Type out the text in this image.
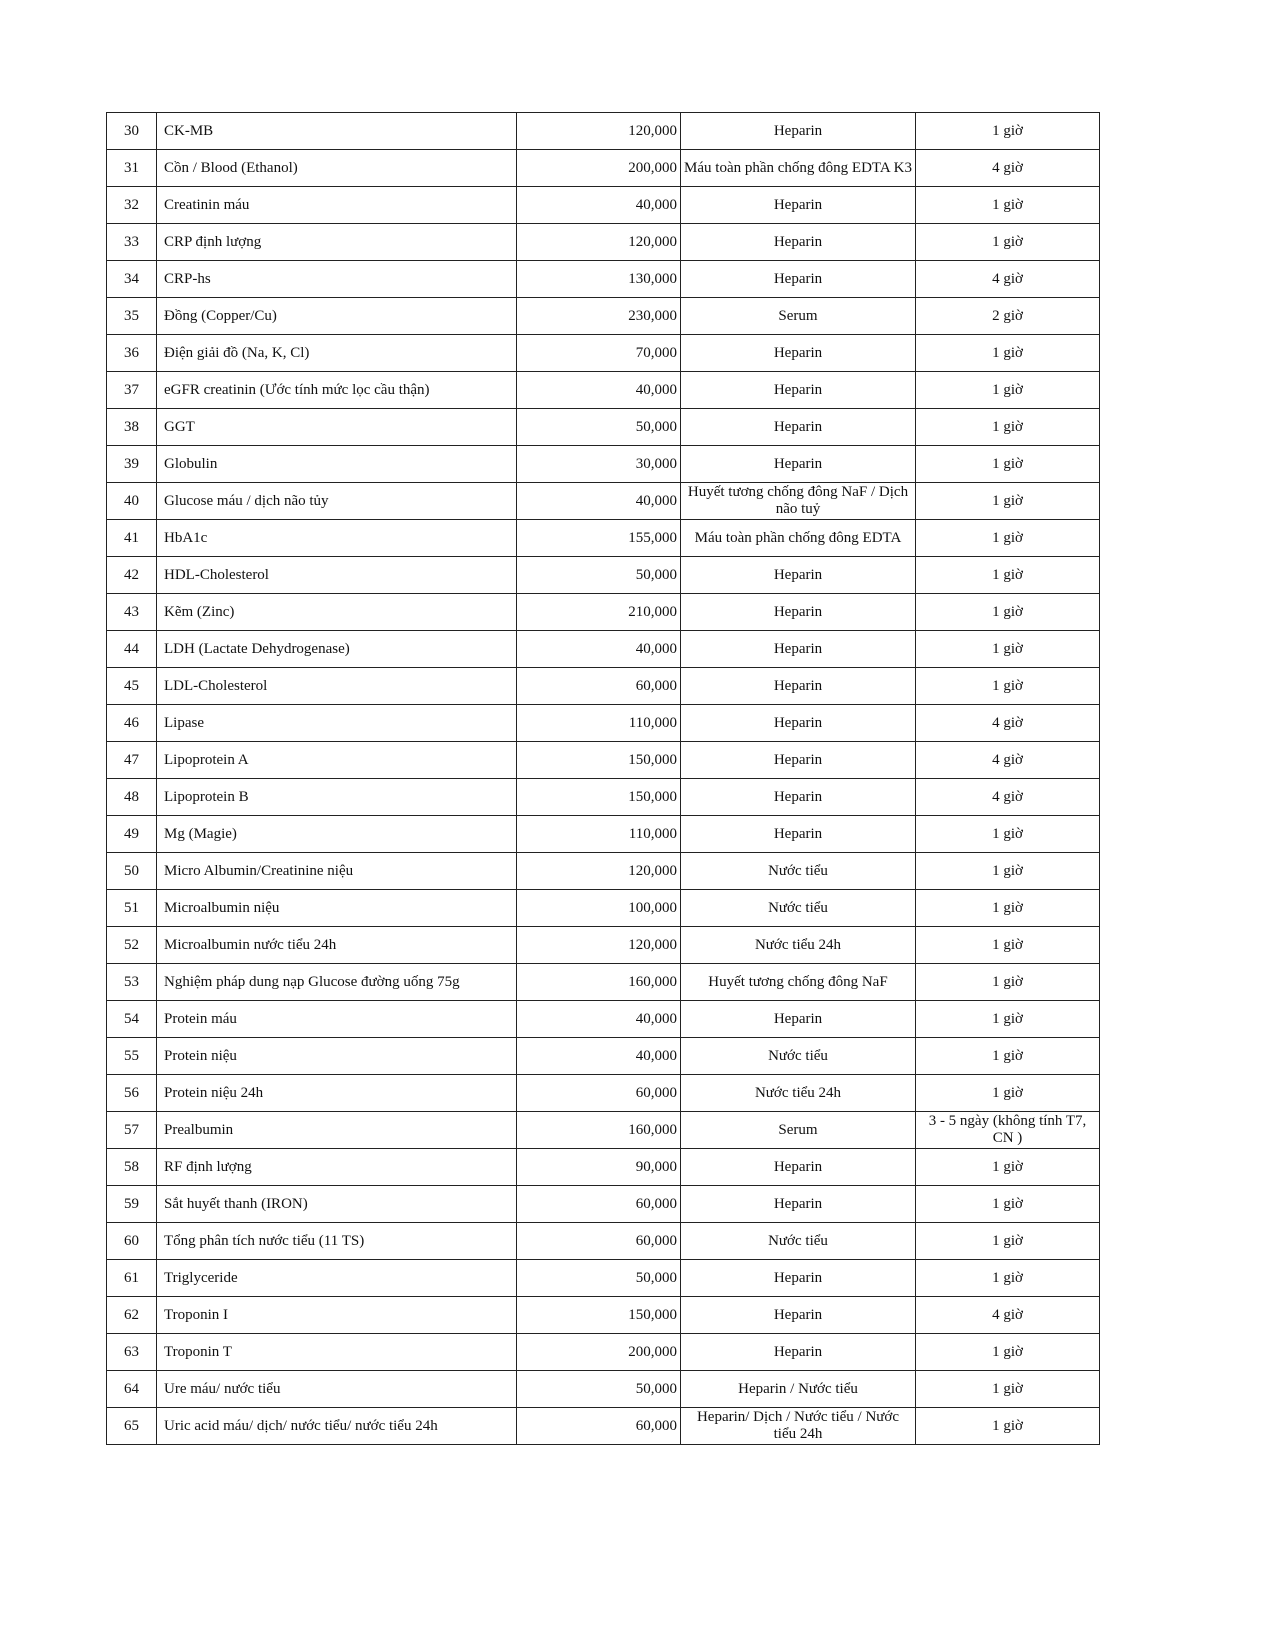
30	CK-MB	120,000	Heparin	1 giờ
31	Cồn / Blood (Ethanol)	200,000	Máu toàn phần chống đông EDTA K3	4 giờ
32	Creatinin máu	40,000	Heparin	1 giờ
33	CRP định lượng	120,000	Heparin	1 giờ
34	CRP-hs	130,000	Heparin	4 giờ
35	Đồng (Copper/Cu)	230,000	Serum	2 giờ
36	Điện giải đồ (Na, K, Cl)	70,000	Heparin	1 giờ
37	eGFR creatinin (Ước tính mức lọc cầu thận)	40,000	Heparin	1 giờ
38	GGT	50,000	Heparin	1 giờ
39	Globulin	30,000	Heparin	1 giờ
40	Glucose máu / dịch não tủy	40,000	Huyết tương chống đông NaF / Dịch não tuỷ	1 giờ
41	HbA1c	155,000	Máu toàn phần chống đông EDTA	1 giờ
42	HDL-Cholesterol	50,000	Heparin	1 giờ
43	Kẽm (Zinc)	210,000	Heparin	1 giờ
44	LDH (Lactate Dehydrogenase)	40,000	Heparin	1 giờ
45	LDL-Cholesterol	60,000	Heparin	1 giờ
46	Lipase	110,000	Heparin	4 giờ
47	Lipoprotein A	150,000	Heparin	4 giờ
48	Lipoprotein B	150,000	Heparin	4 giờ
49	Mg (Magie)	110,000	Heparin	1 giờ
50	Micro Albumin/Creatinine niệu	120,000	Nước tiểu	1 giờ
51	Microalbumin niệu	100,000	Nước tiểu	1 giờ
52	Microalbumin nước tiểu 24h	120,000	Nước tiểu 24h	1 giờ
53	Nghiệm pháp dung nạp Glucose đường uống 75g	160,000	Huyết tương chống đông NaF	1 giờ
54	Protein máu	40,000	Heparin	1 giờ
55	Protein niệu	40,000	Nước tiểu	1 giờ
56	Protein niệu 24h	60,000	Nước tiểu 24h	1 giờ
57	Prealbumin	160,000	Serum	3 - 5 ngày (không tính T7, CN )
58	RF định lượng	90,000	Heparin	1 giờ
59	Sắt huyết thanh (IRON)	60,000	Heparin	1 giờ
60	Tổng phân tích nước tiểu (11 TS)	60,000	Nước tiểu	1 giờ
61	Triglyceride	50,000	Heparin	1 giờ
62	Troponin I	150,000	Heparin	4 giờ
63	Troponin T	200,000	Heparin	1 giờ
64	Ure máu/ nước tiểu	50,000	Heparin / Nước tiểu	1 giờ
65	Uric acid máu/ dịch/ nước tiểu/ nước tiểu 24h	60,000	Heparin/ Dịch / Nước tiểu / Nước tiểu 24h	1 giờ
